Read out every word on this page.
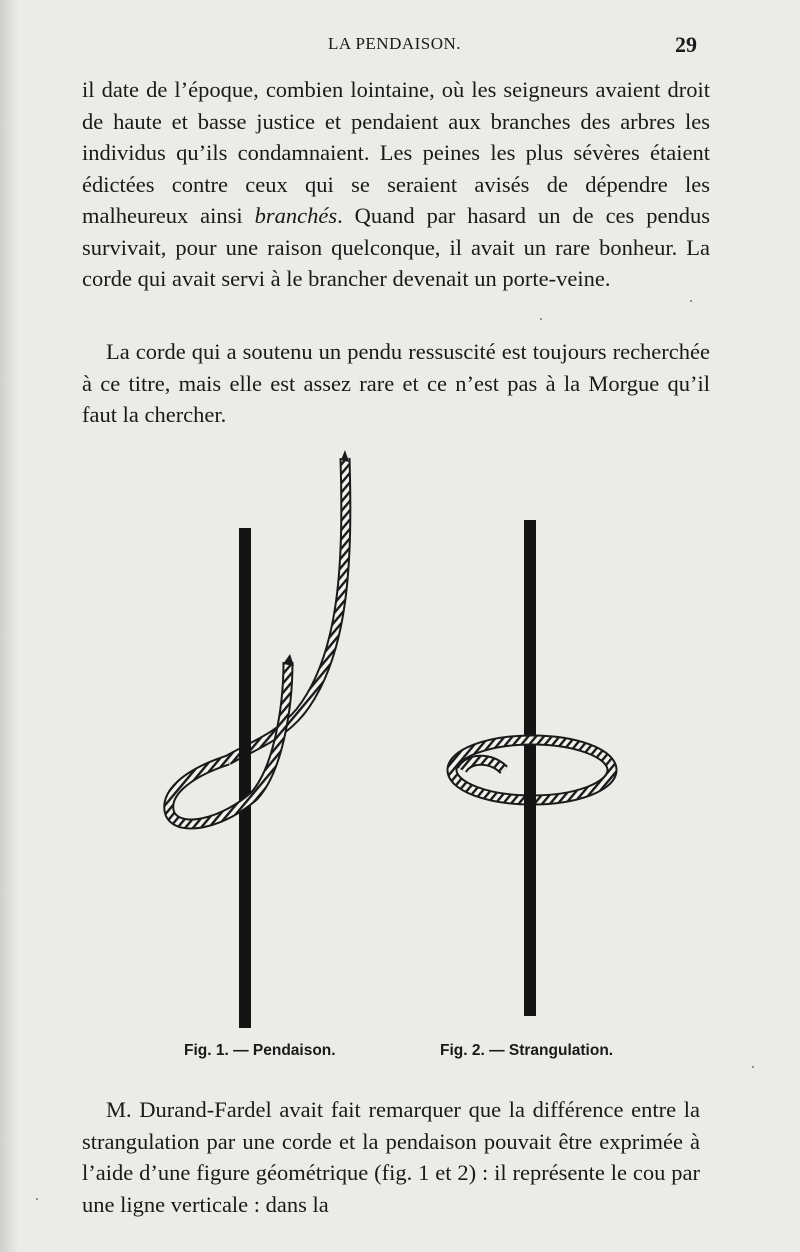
LA PENDAISON.	29

il date de l’époque, combien lointaine, où les seigneurs avaient droit de haute et basse justice et pendaient aux branches des arbres les individus qu’ils condamnaient. Les peines les plus sévères étaient édictées contre ceux qui se seraient avisés de dépendre les malheureux ainsi branchés. Quand par hasard un de ces pendus survivait, pour une raison quelconque, il avait un rare bonheur. La corde qui avait servi à le brancher devenait un porte-veine.

La corde qui a soutenu un pendu ressuscité est toujours recherchée à ce titre, mais elle est assez rare et ce n’est pas à la Morgue qu’il faut la chercher.

Fig. 1. — Pendaison.	Fig. 2. — Strangulation.

M. Durand-Fardel avait fait remarquer que la différence entre la strangulation par une corde et la pendaison pouvait être exprimée à l’aide d’une figure géométrique (fig. 1 et 2) : il représente le cou par une ligne verticale : dans la
